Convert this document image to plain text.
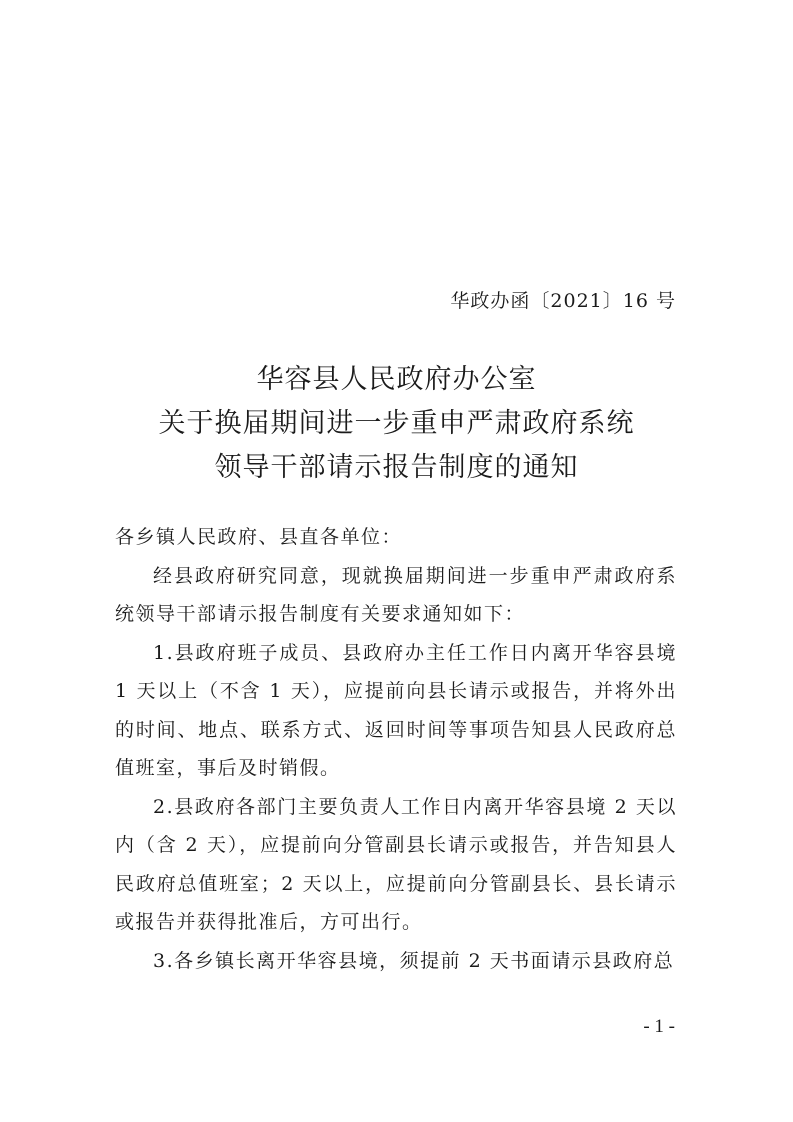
华政办函〔2021〕16 号
华容县人民政府办公室
关于换届期间进一步重申严肃政府系统
领导干部请示报告制度的通知

各乡镇人民政府、县直各单位：

经县政府研究同意，现就换届期间进一步重申严肃政府系统领导干部请示报告制度有关要求通知如下：

1.县政府班子成员、县政府办主任工作日内离开华容县境1 天以上（不含 1 天），应提前向县长请示或报告，并将外出的时间、地点、联系方式、返回时间等事项告知县人民政府总值班室，事后及时销假。

2.县政府各部门主要负责人工作日内离开华容县境 2 天以内（含 2 天），应提前向分管副县长请示或报告，并告知县人民政府总值班室；2 天以上，应提前向分管副县长、县长请示或报告并获得批准后，方可出行。

3.各乡镇长离开华容县境，须提前 2 天书面请示县政府总

- 1 -
